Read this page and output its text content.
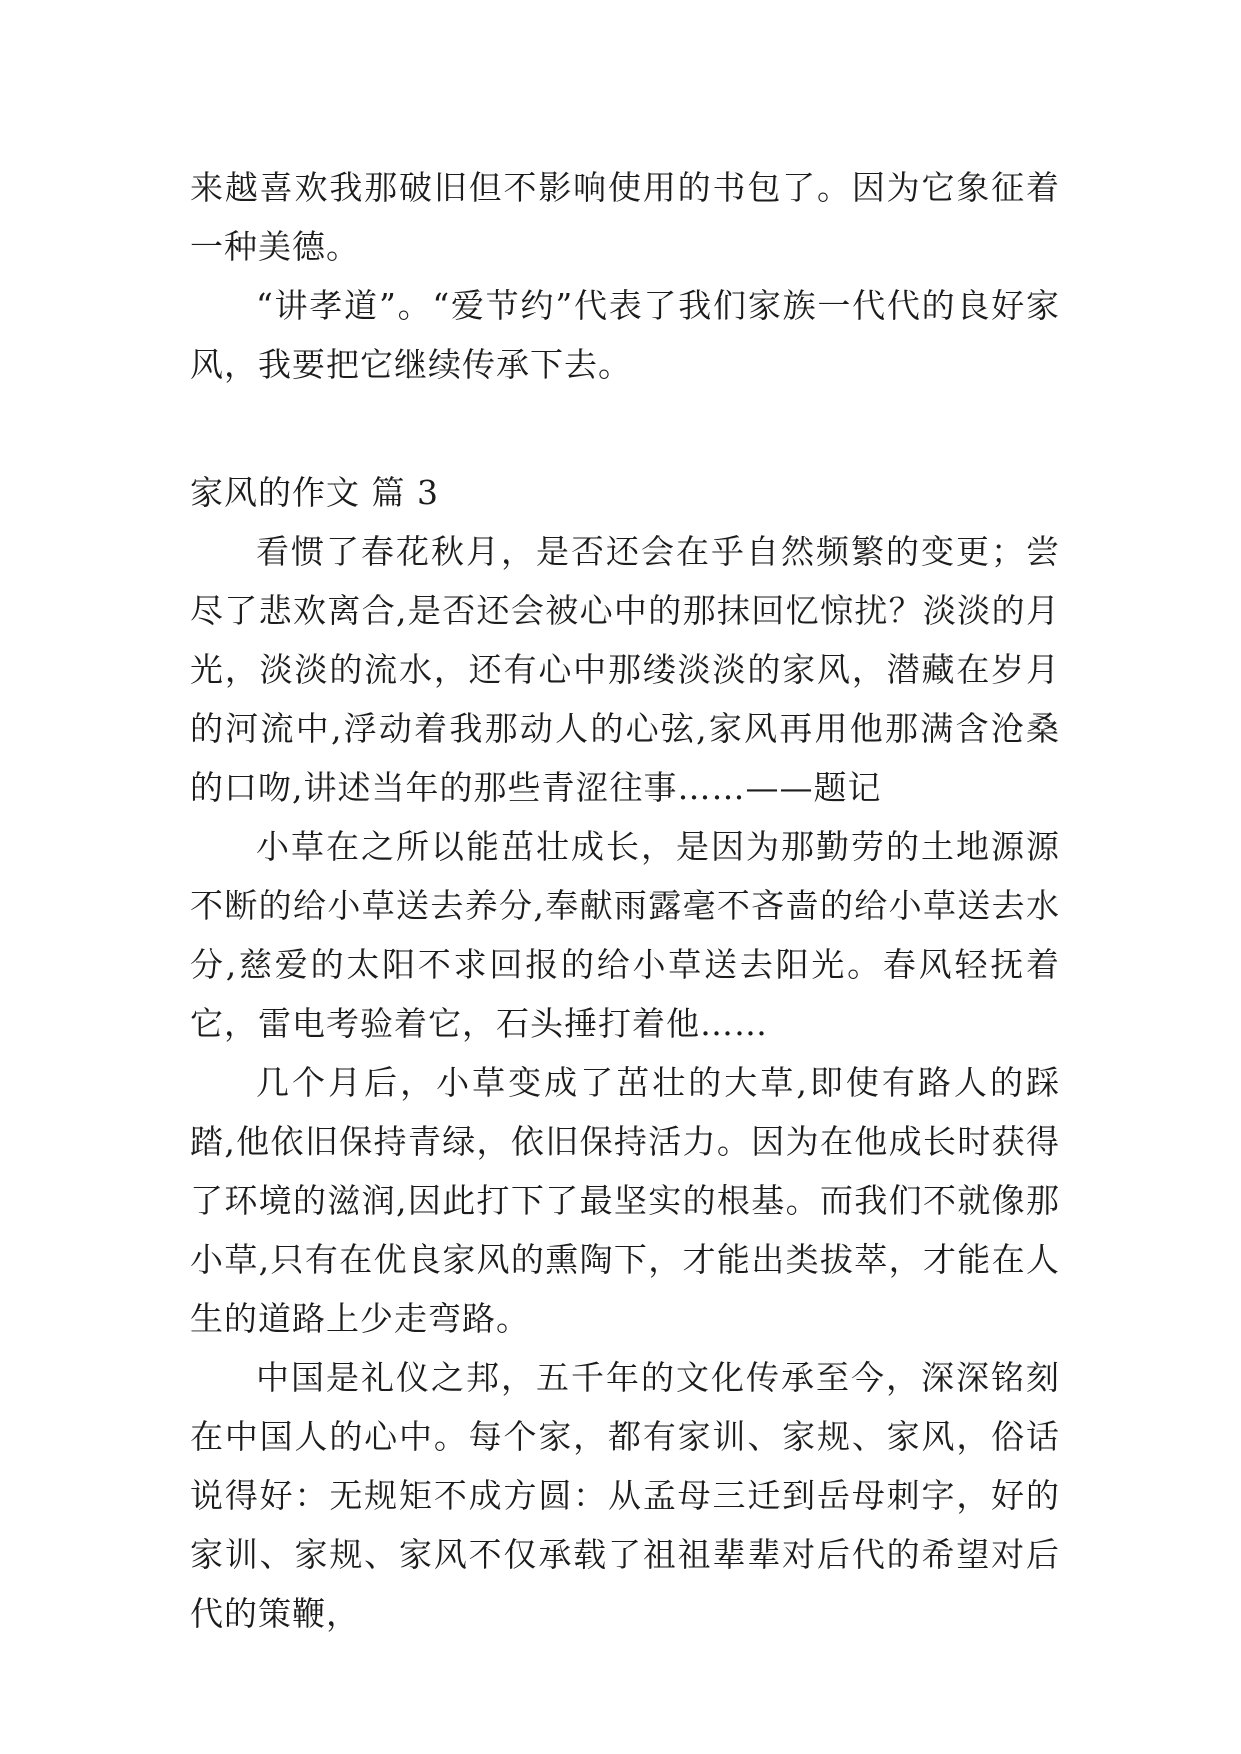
来越喜欢我那破旧但不影响使用的书包了。因为它象征着一种美德。

“讲孝道”。“爱节约”代表了我们家族一代代的良好家风，我要把它继续传承下去。

家风的作文 篇 3

看惯了春花秋月，是否还会在乎自然频繁的变更；尝尽了悲欢离合,是否还会被心中的那抹回忆惊扰？淡淡的月光，淡淡的流水，还有心中那缕淡淡的家风，潜藏在岁月的河流中,浮动着我那动人的心弦,家风再用他那满含沧桑的口吻,讲述当年的那些青涩往事……——题记

小草在之所以能茁壮成长，是因为那勤劳的土地源源不断的给小草送去养分,奉献雨露毫不吝啬的给小草送去水分,慈爱的太阳不求回报的给小草送去阳光。春风轻抚着它，雷电考验着它，石头捶打着他……

几个月后，小草变成了茁壮的大草,即使有路人的踩踏,他依旧保持青绿，依旧保持活力。因为在他成长时获得了环境的滋润,因此打下了最坚实的根基。而我们不就像那小草,只有在优良家风的熏陶下，才能出类拔萃，才能在人生的道路上少走弯路。

中国是礼仪之邦，五千年的文化传承至今，深深铭刻在中国人的心中。每个家，都有家训、家规、家风，俗话说得好：无规矩不成方圆：从孟母三迁到岳母刺字，好的家训、家规、家风不仅承载了祖祖辈辈对后代的希望对后代的策鞭，
